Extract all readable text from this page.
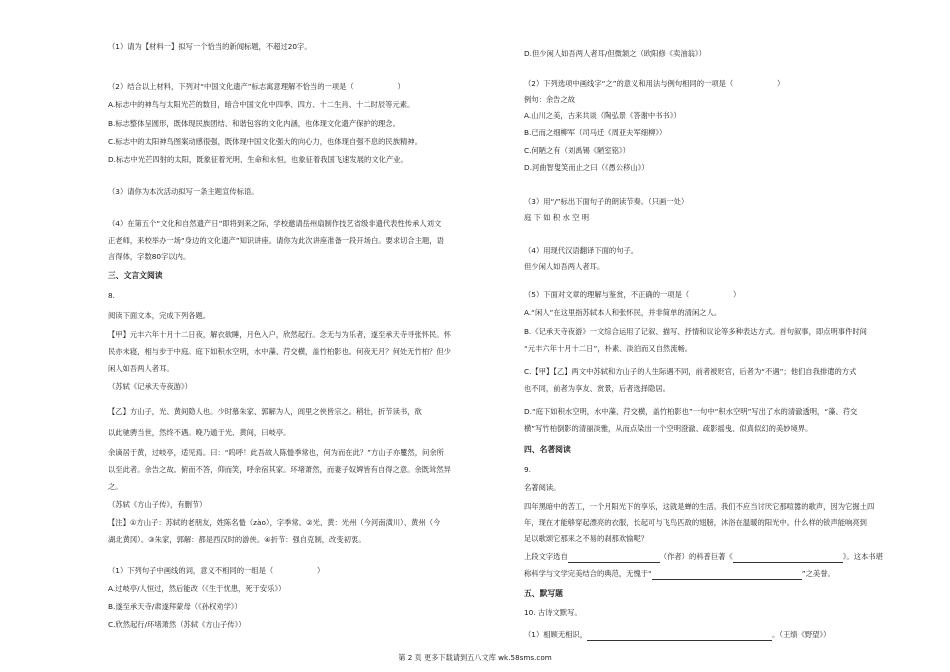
（1）请为【材料一】拟写一个恰当的新闻标题，不超过20字。
（2）结合以上材料，下列对“中国文化遗产”标志寓意理解不恰当的一项是（　　　　　　）
A.标志中的神鸟与太阳光芒的数目，暗合中国文化中四季、四方、十二生肖、十二时辰等元素。
B.标志整体呈圆形，既体现民族团结、和谐包容的文化内涵，也体现文化遗产保护的理念。
C.标志中的太阳神鸟图案动感很强，既体现中国文化强大的向心力，也体现自强不息的民族精神。
D.标志中光芒四射的太阳，既象征着光明、生命和永恒，也象征着我国飞速发展的文化产业。
（3）请你为本次活动拟写一条主题宣传标语。
（4）在第五个“文化和自然遗产日”即将到来之际，学校邀请岳州扇制作技艺省级非遗代表性传承人刘文
正老师，来校举办一场“身边的文化遗产”知识讲座。请你为此次讲座准备一段开场白。要求切合主题，语
言得体，字数80字以内。
三、文言文阅读
8.
阅读下面文本，完成下列各题。
【甲】元丰六年十月十二日夜，解衣欲睡，月色入户，欣然起行。念无与为乐者，遂至承天寺寻张怀民。怀
民亦未寝，相与步于中庭。庭下如积水空明，水中藻、荇交横，盖竹柏影也。何夜无月？何处无竹柏？但少
闲人如吾两人者耳。
（苏轼《记承天寺夜游》）
【乙】方山子，光、黄间隐人也。少时慕朱家、郭解为人，闾里之侠皆宗之。稍壮，折节读书，欲
以此驰骋当世，然终不遇。晚乃遁于光、黄间，曰岐亭。
余谪居于黄，过岐亭，适见焉。曰：“呜呼！此吾故人陈慥季常也，何为而在此？”方山子亦矍然，问余所
以至此者。余告之故。俯而不答，仰而笑，呼余宿其家。环堵萧然，而妻子奴婢皆有自得之意。余既耸然异
之。
（苏轼《方山子传》，有删节）
【注】①方山子：苏轼的老朋友，姓陈名慥（zào），字季常。②光、黄：光州（今河南潢川）、黄州（今
湖北黄冈）。③朱家，郭解：都是西汉时的游侠。④折节：强自克制，改变初衷。
（1）下列句子中画线的词，意义不相同的一组是（　　　　　　）
A.过岐亭/人恒过，然后能改（《生于忧患，死于安乐》）
B.遂至承天寺/肃遂拜蒙母（《孙权劝学》）
C.欣然起行/环堵萧然（苏轼《方山子传》）
D.但少闲人如吾两人者耳/但微颔之（欧阳修《卖油翁》）
（2）下列选项中画线字“之”的意义和用法与例句相同的一项是（　　　　　　）
例句：余告之故
A.山川之美，古来共谈（陶弘景《答谢中书书》）
B.已而之细柳军（司马迁《周亚夫军细柳》）
C.何陋之有（刘禹锡《陋室铭》）
D.河曲智叟笑而止之曰（《愚公移山》）
（3）用“/”标出下面句子的朗读节奏。（只画一处）
庭 下 如 积 水 空 明
（4）用现代汉语翻译下面的句子。
但少闲人如吾两人者耳。
（5）下面对文章的理解与鉴赏，不正确的一项是（　　　　　　）
A.“闲人”在这里指苏轼本人和张怀民，并非简单的清闲之人。
B.《记承天寺夜游》一文综合运用了记叙、描写、抒情和议论等多种表达方式。首句叙事，即点明事件时间
“元丰六年十月十二日”，朴素、淡泊而又自然流畅。
C.【甲】【乙】两文中苏轼和方山子的人生际遇不同，前者被贬官，后者为“不遇”；他们自我排遣的方式
也不同，前者为享友、赏景，后者选择隐居。
D.“庭下如积水空明，水中藻、荇交横，盖竹柏影也”一句中“积水空明”写出了水的清澈透明，“藻、荇交
横”写竹柏倒影的清丽淡雅，从而点染出一个空明澄澈、疏影摇曳、似真似幻的美妙境界。
四、名著阅读
9.
名著阅读。
四年黑暗中的苦工，一个月阳光下的享乐，这就是蝉的生活。我们不应当讨厌它那喧嚣的歌声，因为它掘土四
年，现在才能够穿起漂亮的衣服，长起可与飞鸟匹敌的翅膀，沐浴在温暖的阳光中。什么样的钹声能响亮到
足以歌颂它那来之不易的刹那欢愉呢？
五、默写题
10. 古诗文默写。
上段文字选自	（作者）的科普巨著《	》。这本书堪
称科学与文学完美结合的典范，无愧于“	”之美誉。
（1）相顾无相识，	。（王绩《野望》）
第 2 页 更多下载请到五八文库 wk.58sms.com
